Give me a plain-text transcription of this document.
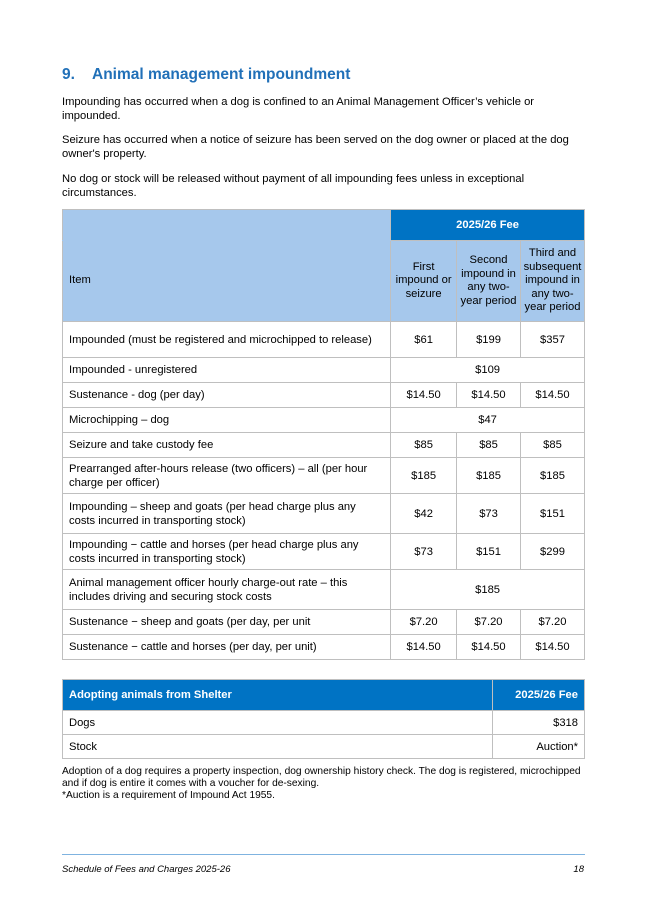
9. Animal management impoundment

Impounding has occurred when a dog is confined to an Animal Management Officer’s vehicle or impounded.

Seizure has occurred when a notice of seizure has been served on the dog owner or placed at the dog owner's property.

No dog or stock will be released without payment of all impounding fees unless in exceptional circumstances.

	2025/26 Fee		
Item	First impound or seizure	Second impound in any two-year period	Third and subsequent impound in any two-year period
Impounded (must be registered and microchipped to release)	$61	$199	$357
Impounded - unregistered	$109		
Sustenance - dog (per day)	$14.50	$14.50	$14.50
Microchipping – dog	$47		
Seizure and take custody fee	$85	$85	$85
Prearranged after-hours release (two officers) – all (per hour charge per officer)	$185	$185	$185
Impounding – sheep and goats (per head charge plus any costs incurred in transporting stock)	$42	$73	$151
Impounding − cattle and horses (per head charge plus any costs incurred in transporting stock)	$73	$151	$299
Animal management officer hourly charge-out rate – this includes driving and securing stock costs	$185		
Sustenance − sheep and goats (per day, per unit	$7.20	$7.20	$7.20
Sustenance − cattle and horses (per day, per unit)	$14.50	$14.50	$14.50
Adopting animals from Shelter	2025/26 Fee
Dogs	$318
Stock	Auction*
Adoption of a dog requires a property inspection, dog ownership history check. The dog is registered, microchipped and if dog is entire it comes with a voucher for de-sexing.
*Auction is a requirement of Impound Act 1955.
Schedule of Fees and Charges 2025-26	18
